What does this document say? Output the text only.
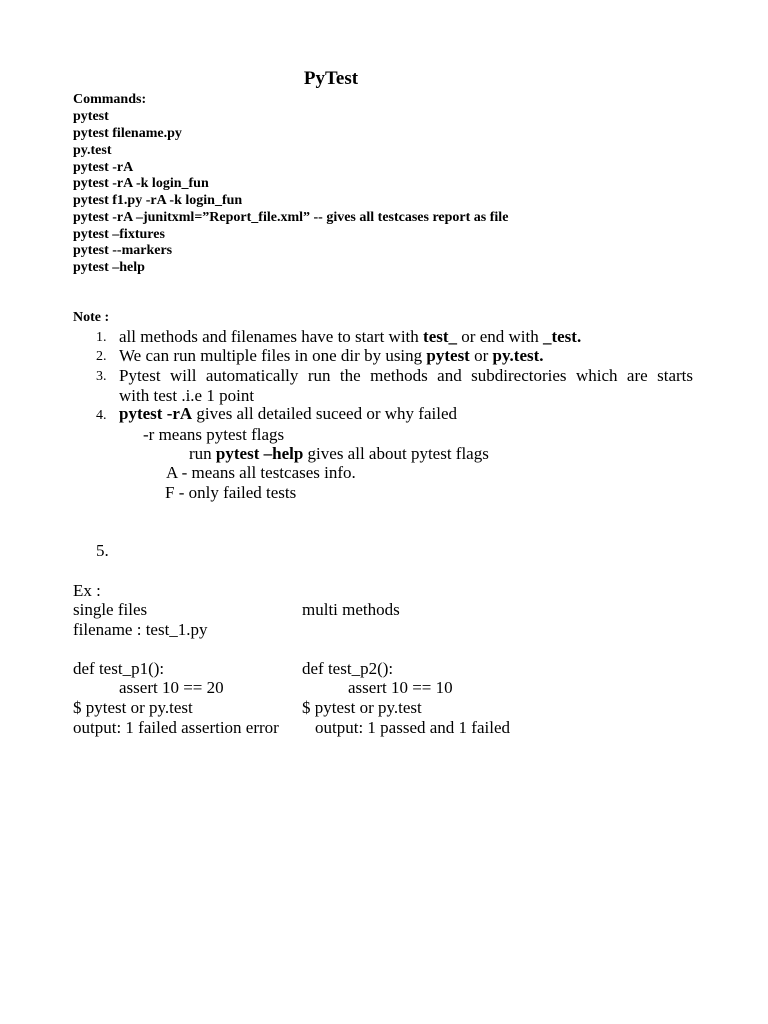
PyTest
Commands:
pytest
pytest filename.py
py.test
pytest -rA
pytest -rA -k login_fun
pytest f1.py -rA -k login_fun
pytest -rA –junitxml=”Report_file.xml” -- gives all testcases report as file
pytest –fixtures
pytest --markers
pytest –help
Note :
1. all methods and filenames have to start with test_ or end with _test.
2. We can run multiple files in one dir by using pytest or py.test.
3. Pytest will automatically run the methods and subdirectories which are starts
with test .i.e 1 point
4. pytest -rA gives all detailed suceed or why failed
-r means pytest flags
run pytest –help gives all about pytest flags
A - means all testcases info.
F - only failed tests
5.
Ex :
single files	multi methods
filename : test_1.py
def test_p1():	def test_p2():
assert 10 == 20	assert 10 == 10
$ pytest or py.test	$ pytest or py.test
output: 1 failed assertion error output: 1 passed and 1 failed
